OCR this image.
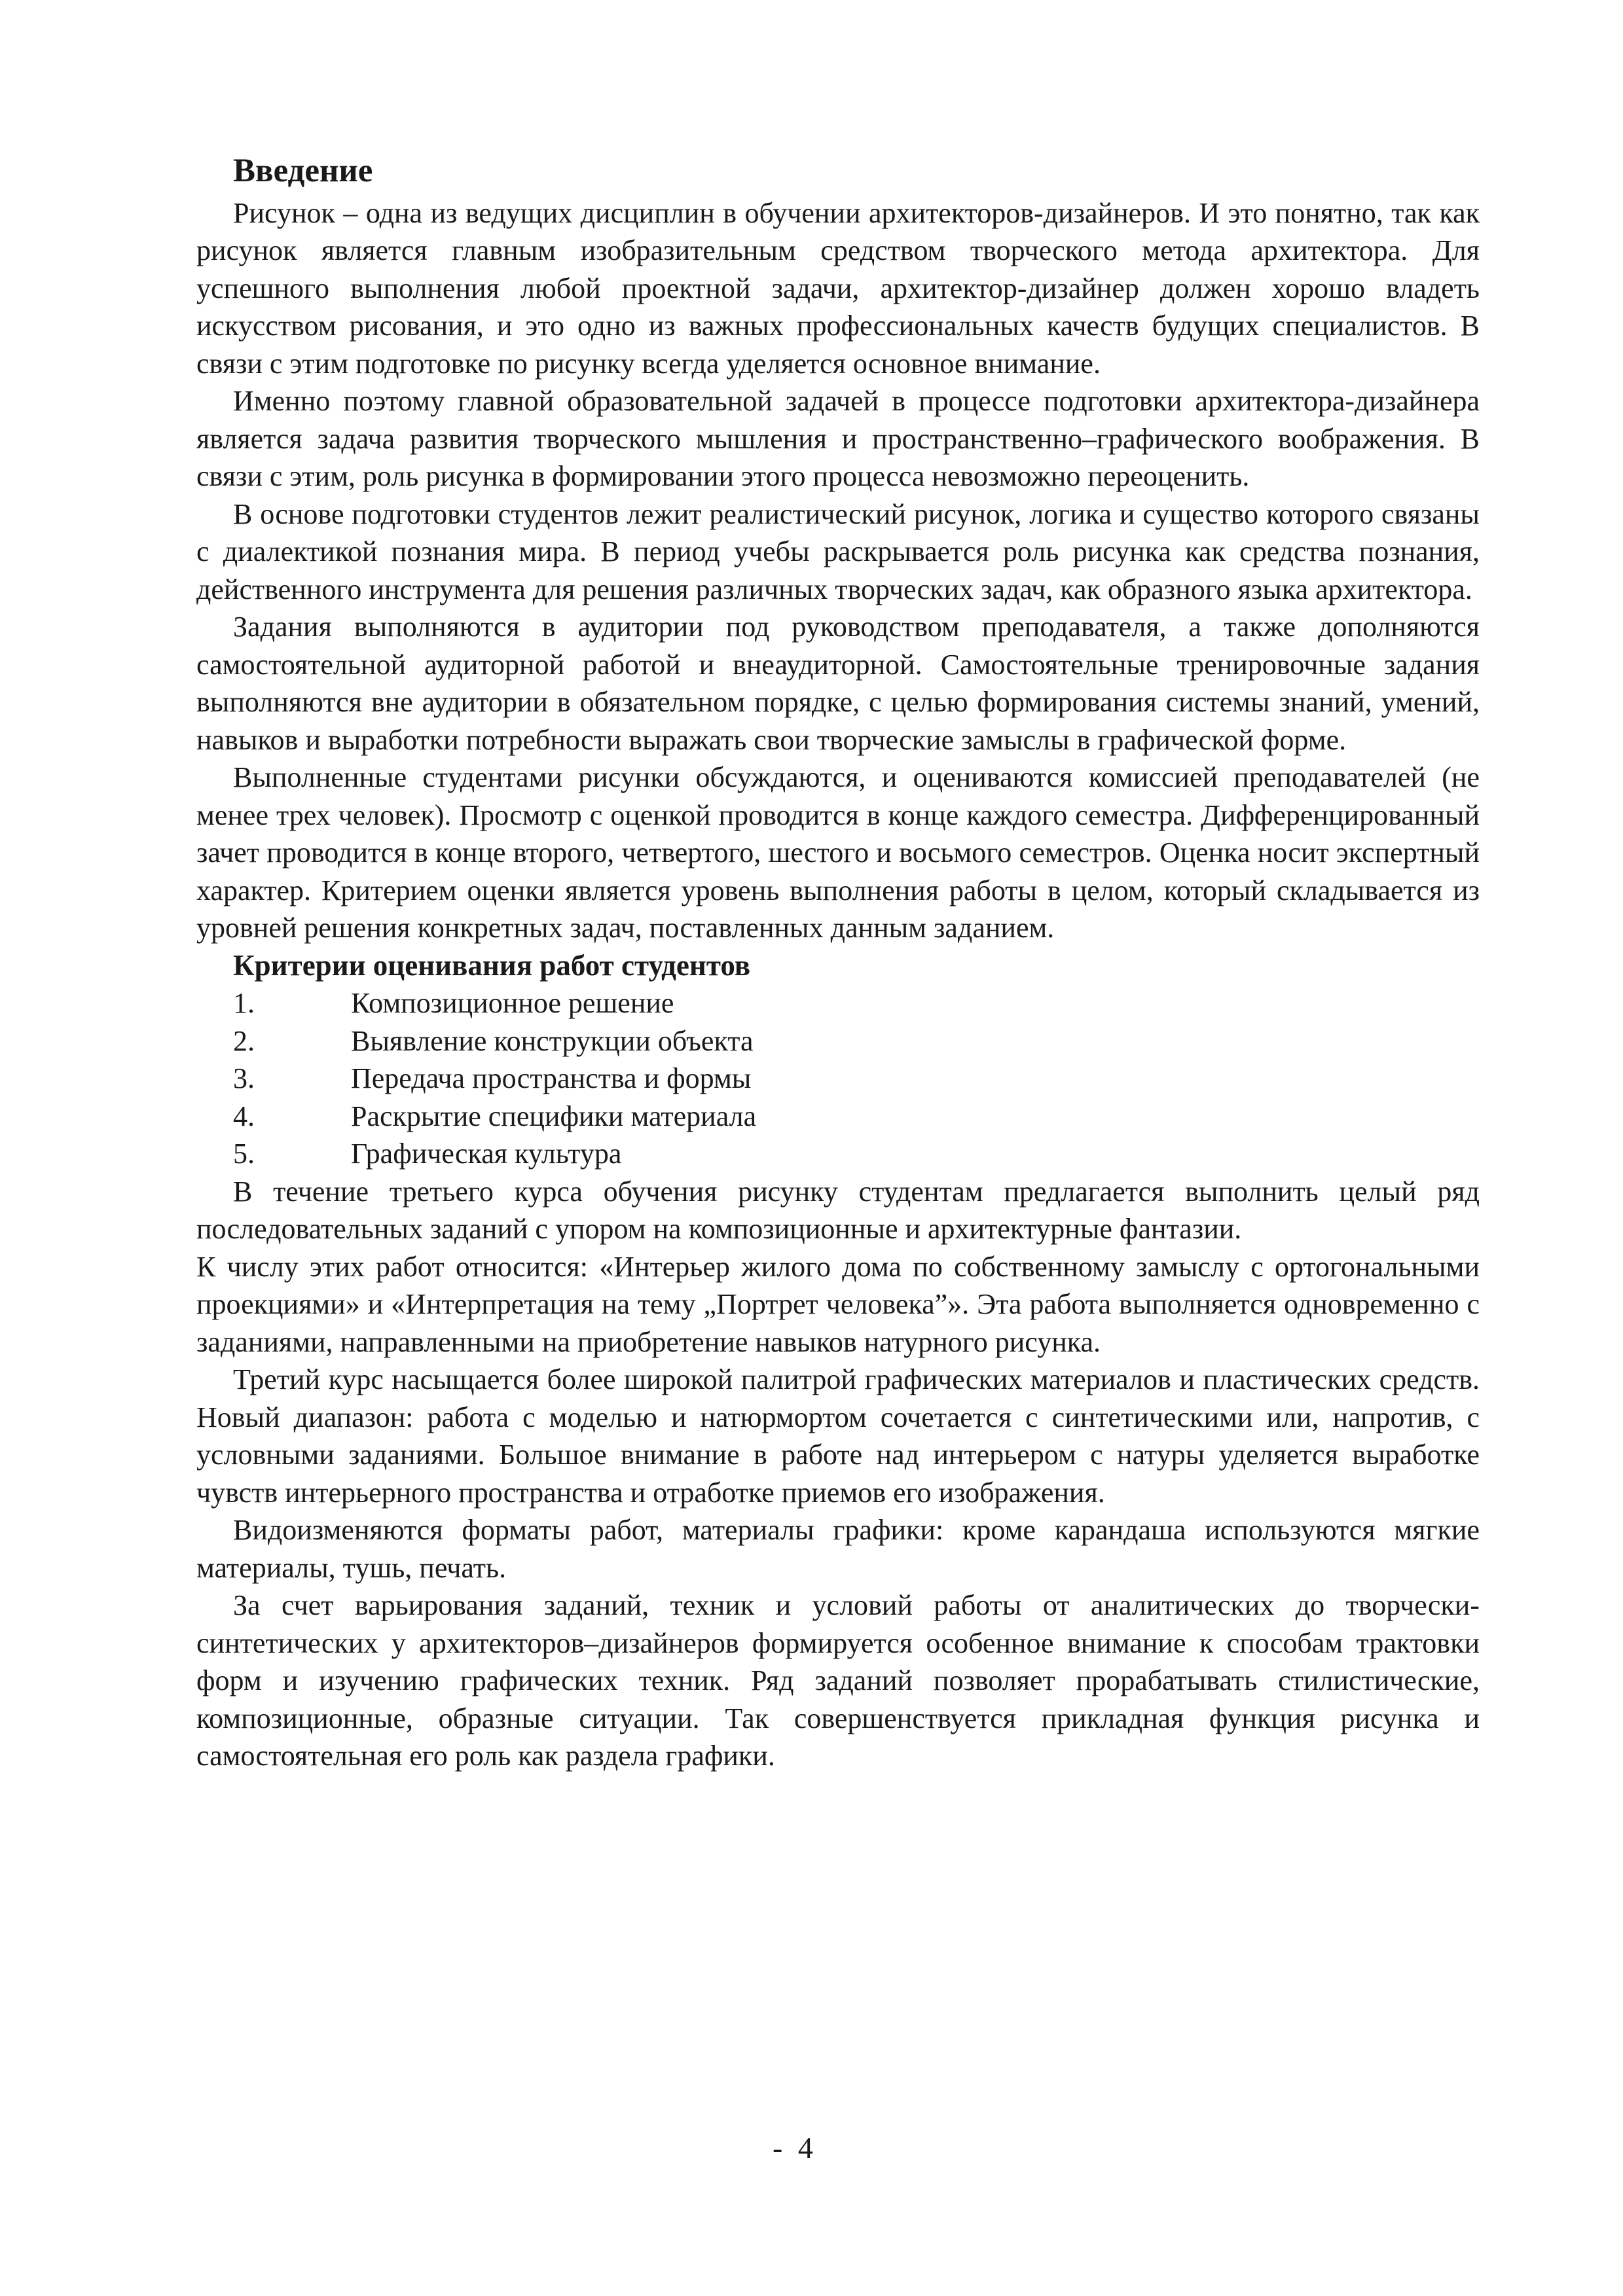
Введение

Рисунок – одна из ведущих дисциплин в обучении архитекторов-дизайнеров. И это понятно, так как рисунок является главным изобразительным средством творческого метода архитектора. Для успешного выполнения любой проектной задачи, архитектор-дизайнер должен хорошо владеть искусством рисования, и это одно из важных профессиональных качеств будущих специалистов. В связи с этим подготовке по рисунку всегда уделяется основное внимание.

Именно поэтому главной образовательной задачей в процессе подготовки архитектора-дизайнера является задача развития творческого мышления и пространственно–графического воображения. В связи с этим, роль рисунка в формировании этого процесса невозможно переоценить.

В основе подготовки студентов лежит реалистический рисунок, логика и существо которого связаны с диалектикой познания мира. В период учебы раскрывается роль рисунка как средства познания, действенного инструмента для решения различных творческих задач, как образного языка архитектора.

Задания выполняются в аудитории под руководством преподавателя, а также дополняются самостоятельной аудиторной работой и внеаудиторной. Самостоятельные тренировочные задания выполняются вне аудитории в обязательном порядке, с целью формирования системы знаний, умений, навыков и выработки потребности выражать свои творческие замыслы в графической форме.

Выполненные студентами рисунки обсуждаются, и оцениваются комиссией преподавателей (не менее трех человек). Просмотр с оценкой проводится в конце каждого семестра. Дифференцированный зачет проводится в конце второго, четвертого, шестого и восьмого семестров. Оценка носит экспертный характер. Критерием оценки является уровень выполнения работы в целом, который складывается из уровней решения конкретных задач, поставленных данным заданием.

Критерии оценивания работ студентов
1.	Композиционное решение
2.	Выявление конструкции объекта
3.	Передача пространства и формы
4.	Раскрытие специфики материала
5.	Графическая культура

В течение третьего курса обучения рисунку студентам предлагается выполнить целый ряд последовательных заданий с упором на композиционные и архитектурные фантазии.

К числу этих работ относится: «Интерьер жилого дома по собственному замыслу с ортогональными проекциями» и «Интерпретация на тему „Портрет человека”». Эта работа выполняется одновременно с заданиями, направленными на приобретение навыков натурного рисунка.

Третий курс насыщается более широкой палитрой графических материалов и пластических средств. Новый диапазон: работа с моделью и натюрмортом сочетается с синтетическими или, напротив, с условными заданиями. Большое внимание в работе над интерьером с натуры уделяется выработке чувств интерьерного пространства и отработке приемов его изображения.

Видоизменяются форматы работ, материалы графики: кроме карандаша используются мягкие материалы, тушь, печать.

За счет варьирования заданий, техник и условий работы от аналитических до творчески-синтетических у архитекторов–дизайнеров формируется особенное внимание к способам трактовки форм и изучению графических техник. Ряд заданий позволяет прорабатывать стилистические, композиционные, образные ситуации. Так совершенствуется прикладная функция рисунка и самостоятельная его роль как раздела графики.

- 4
